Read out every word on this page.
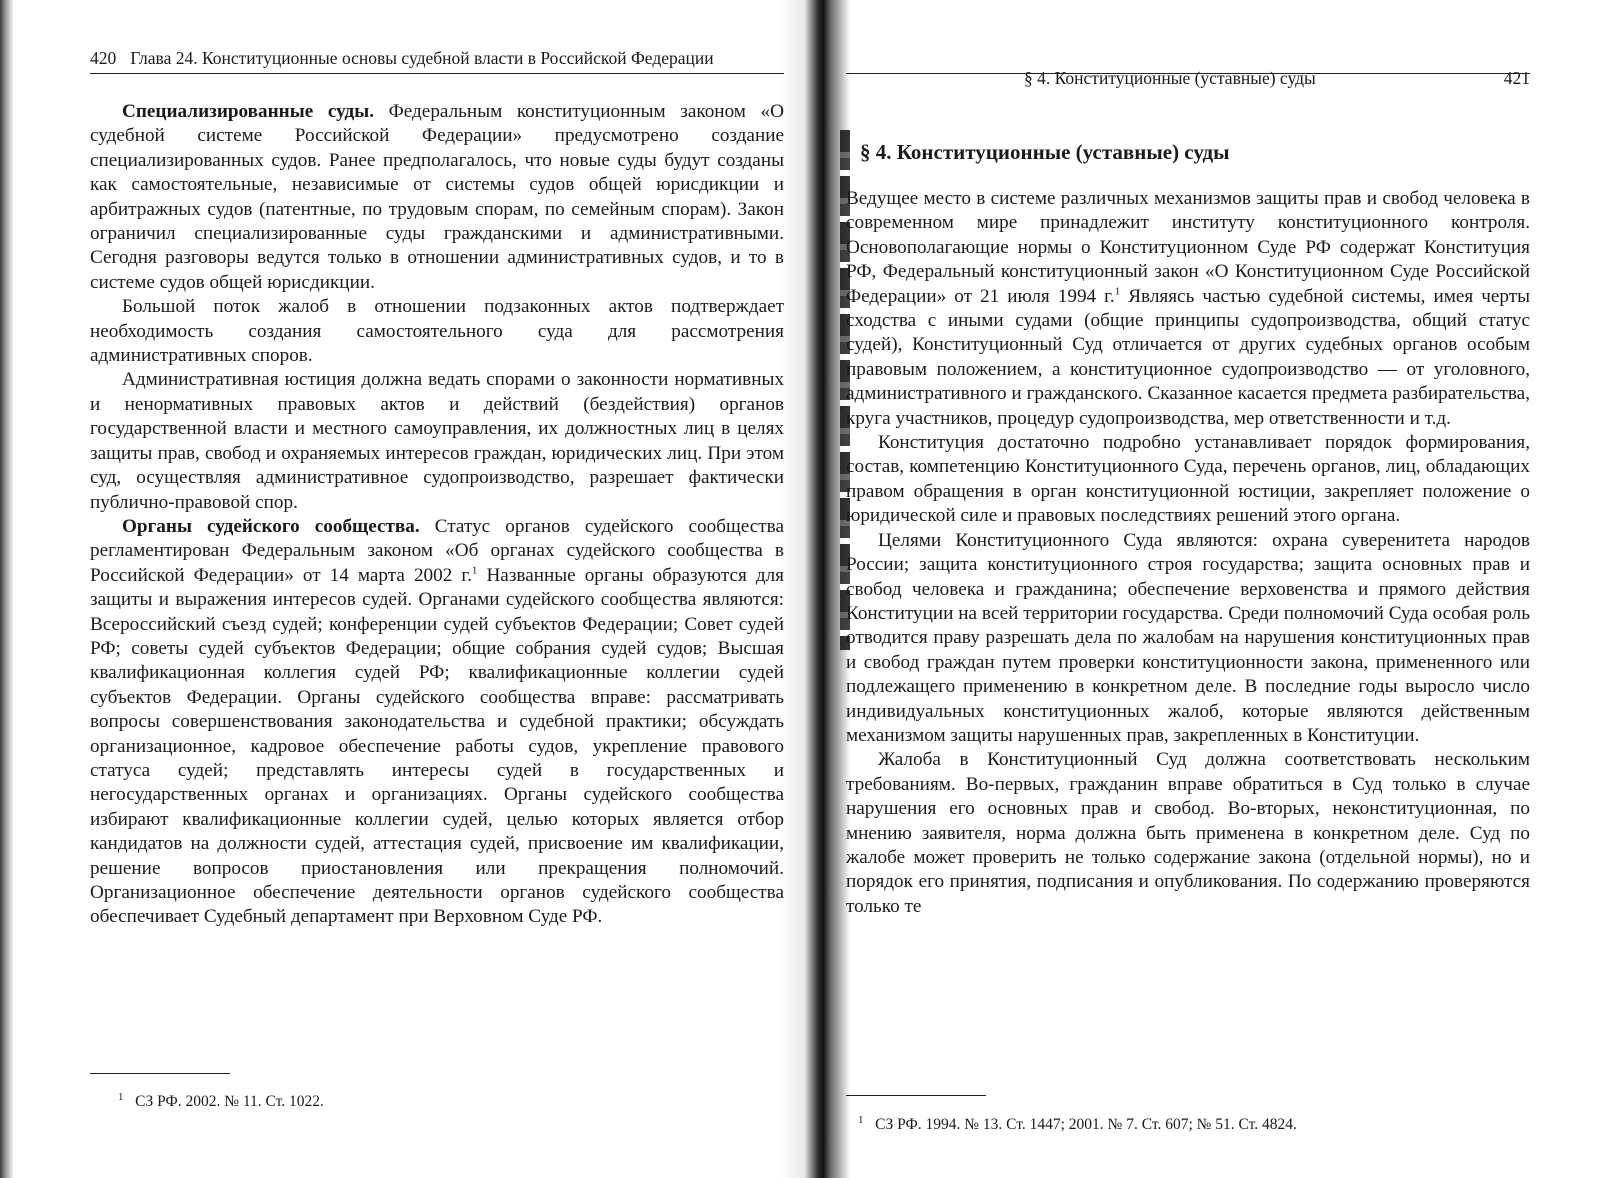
420 Глава 24. Конституционные основы судебной власти в Российской Федерации

Специализированные суды. Федеральным конституционным законом «О судебной системе Российской Федерации» предусмотрено создание специализированных судов. Ранее предполагалось, что новые суды будут созданы как самостоятельные, независимые от системы судов общей юрисдикции и арбитражных судов (патентные, по трудовым спорам, по семейным спорам). Закон ограничил специализированные суды гражданскими и административными. Сегодня разговоры ведутся только в отношении административных судов, и то в системе судов общей юрисдикции.

Большой поток жалоб в отношении подзаконных актов подтверждает необходимость создания самостоятельного суда для рассмотрения административных споров.

Административная юстиция должна ведать спорами о законности нормативных и ненормативных правовых актов и действий (бездействия) органов государственной власти и местного самоуправления, их должностных лиц в целях защиты прав, свобод и охраняемых интересов граждан, юридических лиц. При этом суд, осуществляя административное судопроизводство, разрешает фактически публично-правовой спор.

Органы судейского сообщества. Статус органов судейского сообщества регламентирован Федеральным законом «Об органах судейского сообщества в Российской Федерации» от 14 марта 2002 г.$^1$ Названные органы образуются для защиты и выражения интересов судей. Органами судейского сообщества являются: Всероссийский съезд судей; конференции судей субъектов Федерации; Совет судей РФ; советы судей субъектов Федерации; общие собрания судей судов; Высшая квалификационная коллегия судей РФ; квалификационные коллегии судей субъектов Федерации. Органы судейского сообщества вправе: рассматривать вопросы совершенствования законодательства и судебной практики; обсуждать организационное, кадровое обеспечение работы судов, укрепление правового статуса судей; представлять интересы судей в государственных и негосударственных органах и организациях. Органы судейского сообщества избирают квалификационные коллегии судей, целью которых является отбор кандидатов на должности судей, аттестация судей, присвоение им квалификации, решение вопросов приостановления или прекращения полномочий. Организационное обеспечение деятельности органов судейского сообщества обеспечивает Судебный департамент при Верховном Суде РФ.

$^1$ СЗ РФ. 2002. № 11. Ст. 1022.
§ 4. Конституционные (уставные) суды	421
§ 4. Конституционные (уставные) суды

Ведущее место в системе различных механизмов защиты прав и свобод человека в современном мире принадлежит институту конституционного контроля. Основополагающие нормы о Конституционном Суде РФ содержат Конституция РФ, Федеральный конституционный закон «О Конституционном Суде Российской Федерации» от 21 июля 1994 г.$^1$ Являясь частью судебной системы, имея черты сходства с иными судами (общие принципы судопроизводства, общий статус судей), Конституционный Суд отличается от других судебных органов особым правовым положением, а конституционное судопроизводство — от уголовного, административного и гражданского. Сказанное касается предмета разбирательства, круга участников, процедур судопроизводства, мер ответственности и т.д.

Конституция достаточно подробно устанавливает порядок формирования, состав, компетенцию Конституционного Суда, перечень органов, лиц, обладающих правом обращения в орган конституционной юстиции, закрепляет положение о юридической силе и правовых последствиях решений этого органа.

Целями Конституционного Суда являются: охрана суверенитета народов России; защита конституционного строя государства; защита основных прав и свобод человека и гражданина; обеспечение верховенства и прямого действия Конституции на всей территории государства. Среди полномочий Суда особая роль отводится праву разрешать дела по жалобам на нарушения конституционных прав и свобод граждан путем проверки конституционности закона, примененного или подлежащего применению в конкретном деле. В последние годы выросло число индивидуальных конституционных жалоб, которые являются действенным механизмом защиты нарушенных прав, закрепленных в Конституции.

Жалоба в Конституционный Суд должна соответствовать нескольким требованиям. Во-первых, гражданин вправе обратиться в Суд только в случае нарушения его основных прав и свобод. Во-вторых, неконституционная, по мнению заявителя, норма должна быть применена в конкретном деле. Суд по жалобе может проверить не только содержание закона (отдельной нормы), но и порядок его принятия, подписания и опубликования. По содержанию проверяются только те

$^1$ СЗ РФ. 1994. № 13. Ст. 1447; 2001. № 7. Ст. 607; № 51. Ст. 4824.
